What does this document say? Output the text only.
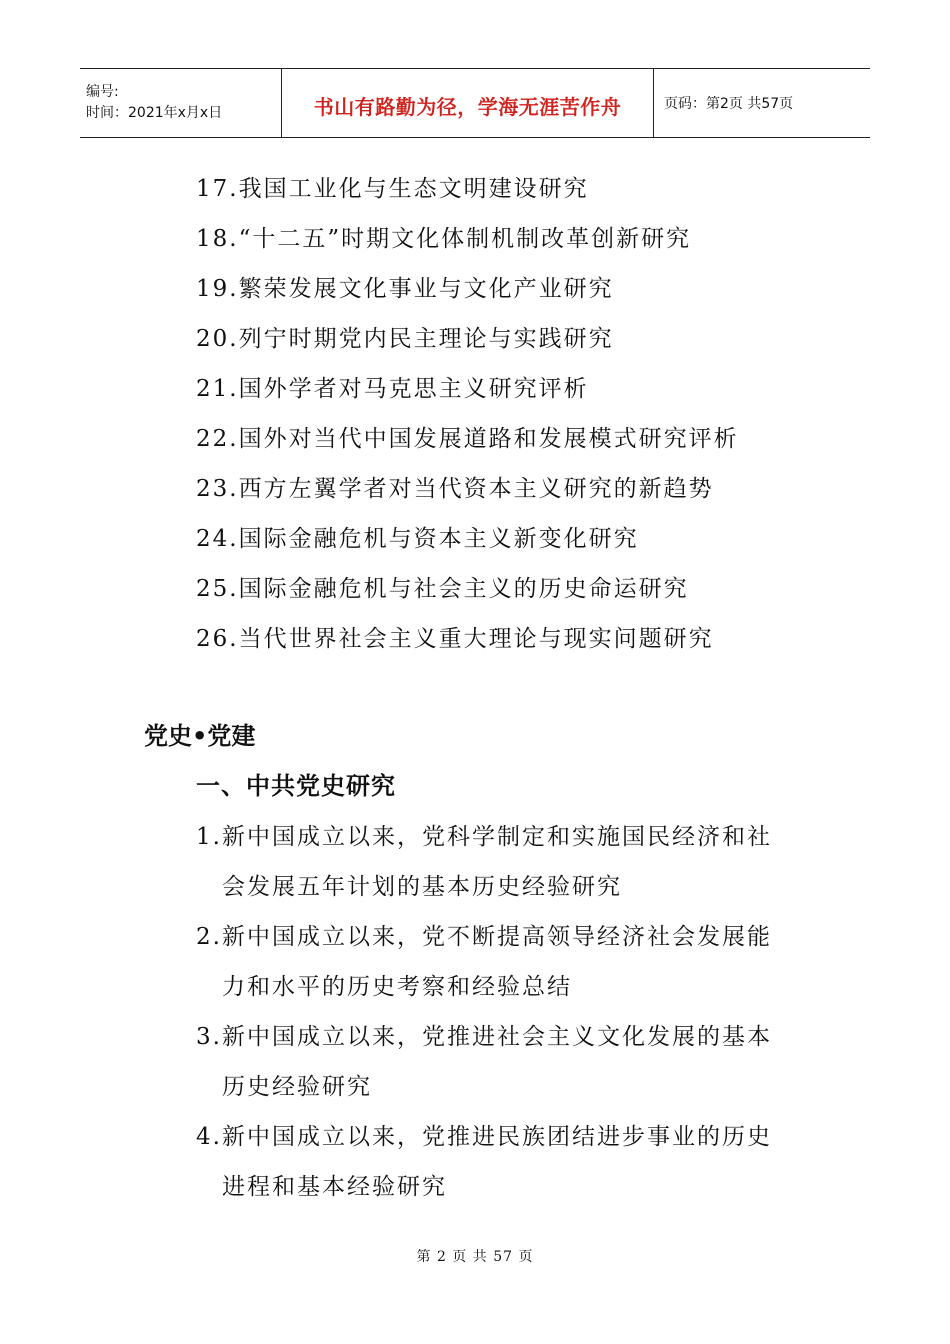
编号:
时间：2021年x月x日	书山有路勤为径，学海无涯苦作舟	页码：第2页 共57页
17.我国工业化与生态文明建设研究
18.“十二五”时期文化体制机制改革创新研究
19.繁荣发展文化事业与文化产业研究
20.列宁时期党内民主理论与实践研究
21.国外学者对马克思主义研究评析
22.国外对当代中国发展道路和发展模式研究评析
23.西方左翼学者对当代资本主义研究的新趋势
24.国际金融危机与资本主义新变化研究
25.国际金融危机与社会主义的历史命运研究
26.当代世界社会主义重大理论与现实问题研究
党史•党建
一、中共党史研究
1.新中国成立以来，党科学制定和实施国民经济和社
会发展五年计划的基本历史经验研究
2.新中国成立以来，党不断提高领导经济社会发展能
力和水平的历史考察和经验总结
3.新中国成立以来，党推进社会主义文化发展的基本
历史经验研究
4.新中国成立以来，党推进民族团结进步事业的历史
进程和基本经验研究
第 2 页 共 57 页
